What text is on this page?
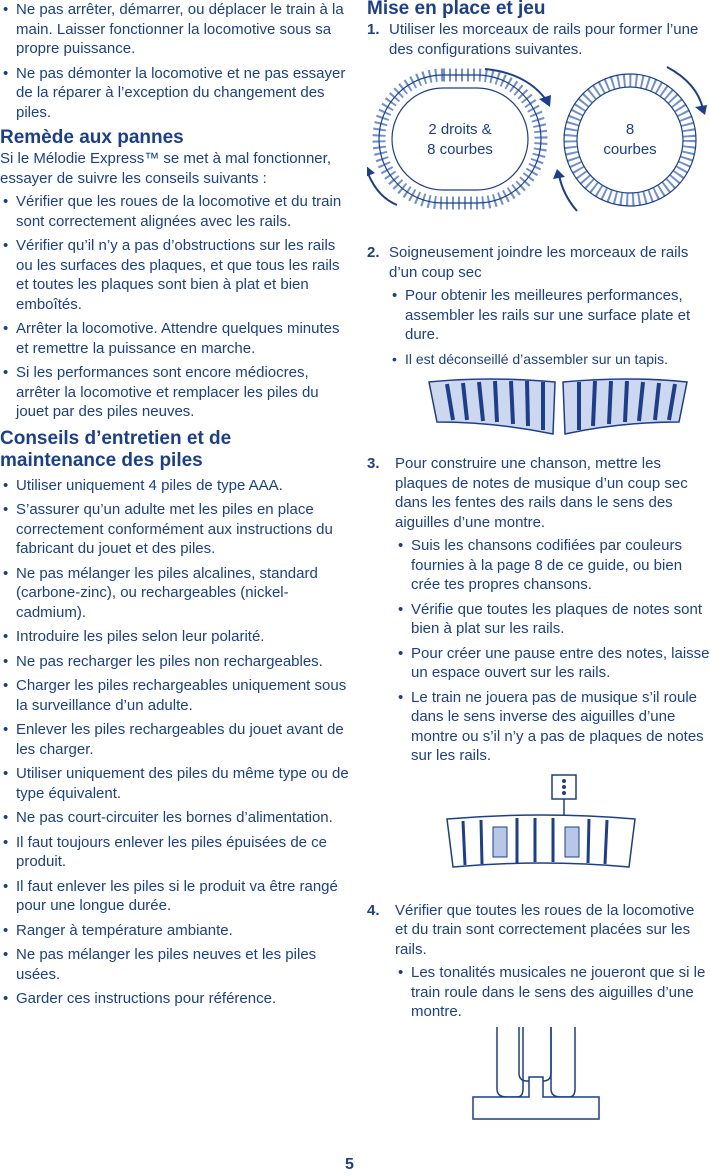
• Ne pas arrêter, démarrer, ou déplacer le train à la main. Laisser fonctionner la locomotive sous sa propre puissance.
• Ne pas démonter la locomotive et ne pas essayer de la réparer à l’exception du changement des piles.
Remède aux pannes

Si le Mélodie Express™ se met à mal fonctionner, essayer de suivre les conseils suivants :

• Vérifier que les roues de la locomotive et du train sont correctement alignées avec les rails.
• Vérifier qu’il n’y a pas d’obstructions sur les rails ou les surfaces des plaques, et que tous les rails et toutes les plaques sont bien à plat et bien emboîtés.
• Arrêter la locomotive. Attendre quelques minutes et remettre la puissance en marche.
• Si les performances sont encore médiocres, arrêter la locomotive et remplacer les piles du jouet par des piles neuves.
Conseils d’entretien et de maintenance des piles
• Utiliser uniquement 4 piles de type AAA.
• S’assurer qu’un adulte met les piles en place correctement conformément aux instructions du fabricant du jouet et des piles.
• Ne pas mélanger les piles alcalines, standard (carbone-zinc), ou rechargeables (nickel-cadmium).
• Introduire les piles selon leur polarité.
• Ne pas recharger les piles non rechargeables.
• Charger les piles rechargeables uniquement sous la surveillance d’un adulte.
• Enlever les piles rechargeables du jouet avant de les charger.
• Utiliser uniquement des piles du même type ou de type équivalent.
• Ne pas court-circuiter les bornes d’alimentation.
• Il faut toujours enlever les piles épuisées de ce produit.
• Il faut enlever les piles si le produit va être rangé pour une longue durée.
• Ranger à température ambiante.
• Ne pas mélanger les piles neuves et les piles usées.
• Garder ces instructions pour référence.
Mise en place et jeu
1. Utiliser les morceaux de rails pour former l’une des configurations suivantes.
2 droits &
8 courbes
8
courbes
2. Soigneusement joindre les morceaux de rails d’un coup sec
• Pour obtenir les meilleures performances, assembler les rails sur une surface plate et dure.
• Il est déconseillé d’assembler sur un tapis.
3. Pour construire une chanson, mettre les plaques de notes de musique d’un coup sec dans les fentes des rails dans le sens des aiguilles d’une montre.
• Suis les chansons codifiées par couleurs fournies à la page 8 de ce guide, ou bien crée tes propres chansons.
• Vérifie que toutes les plaques de notes sont bien à plat sur les rails.
• Pour créer une pause entre des notes, laisse un espace ouvert sur les rails.
• Le train ne jouera pas de musique s’il roule dans le sens inverse des aiguilles d’une montre ou s’il n’y a pas de plaques de notes sur les rails.
4. Vérifier que toutes les roues de la locomotive et du train sont correctement placées sur les rails.
• Les tonalités musicales ne joueront que si le train roule dans le sens des aiguilles d’une montre.
5
